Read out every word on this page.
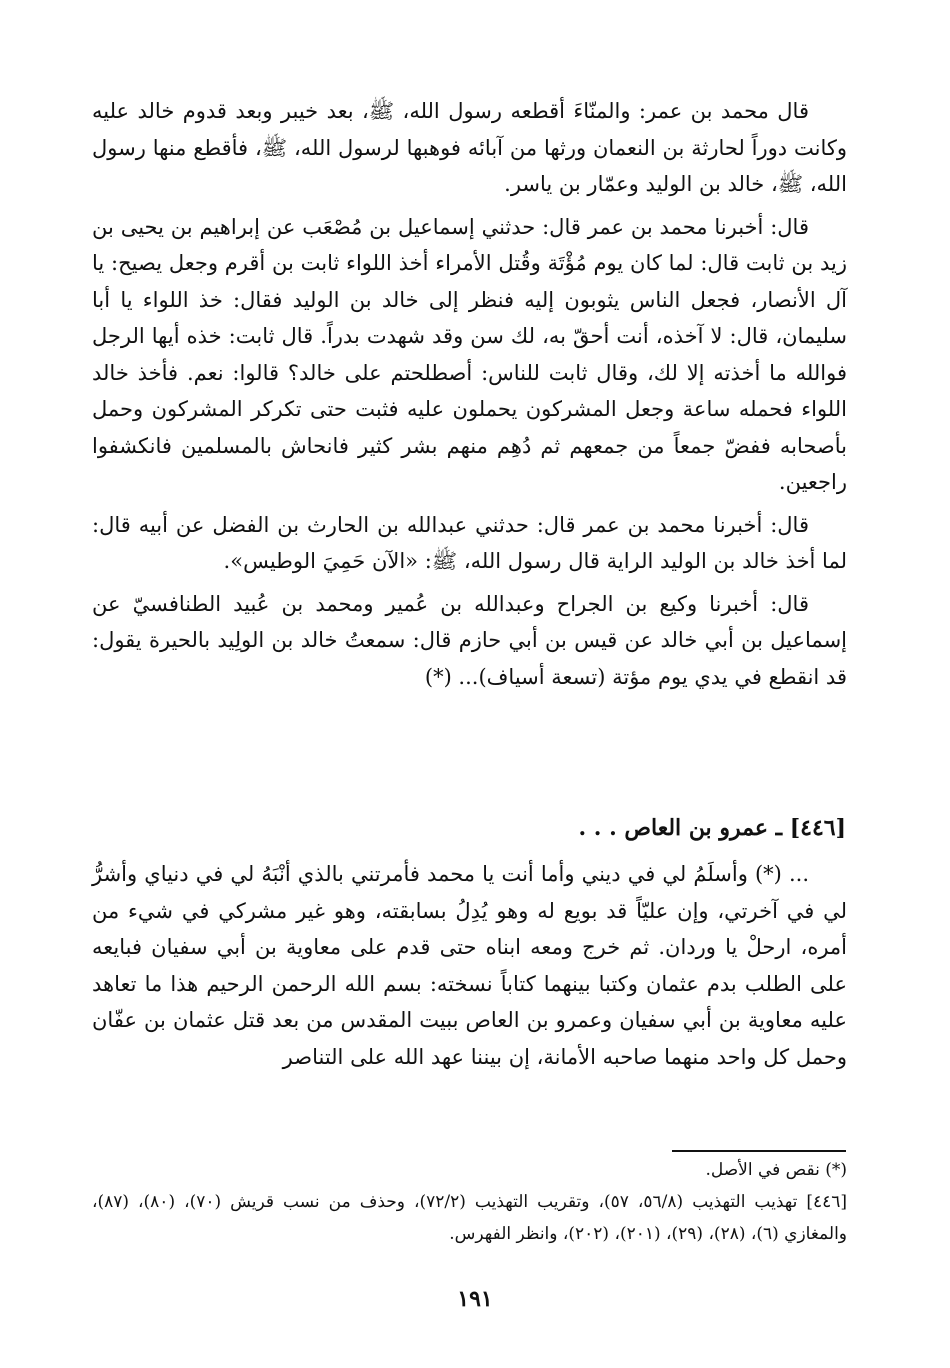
قال محمد بن عمر: والمنّاءَ أقطعه رسول الله، ﷺ، بعد خيبر وبعد قدوم خالد عليه وكانت دوراً لحارثة بن النعمان ورثها من آبائه فوهبها لرسول الله، ﷺ، فأقطع منها رسول الله، ﷺ، خالد بن الوليد وعمّار بن ياسر.

قال: أخبرنا محمد بن عمر قال: حدثني إسماعيل بن مُصْعَب عن إبراهيم بن يحيى بن زيد بن ثابت قال: لما كان يوم مُؤْتَة وقُتل الأمراء أخذ اللواء ثابت بن أقرم وجعل يصيح: يا آل الأنصار، فجعل الناس يثوبون إليه فنظر إلى خالد بن الوليد فقال: خذ اللواء يا أبا سليمان، قال: لا آخذه، أنت أحقّ به، لك سن وقد شهدت بدراً. قال ثابت: خذه أيها الرجل فوالله ما أخذته إلا لك، وقال ثابت للناس: أصطلحتم على خالد؟ قالوا: نعم. فأخذ خالد اللواء فحمله ساعة وجعل المشركون يحملون عليه فثبت حتى تكركر المشركون وحمل بأصحابه ففضّ جمعاً من جمعهم ثم دُهِم منهم بشر كثير فانحاش بالمسلمين فانكشفوا راجعين.

قال: أخبرنا محمد بن عمر قال: حدثني عبدالله بن الحارث بن الفضل عن أبيه قال: لما أخذ خالد بن الوليد الراية قال رسول الله، ﷺ: «الآن حَمِيَ الوطيس».

قال: أخبرنا وكيع بن الجراح وعبدالله بن عُمير ومحمد بن عُبيد الطنافسيّ عن إسماعيل بن أبي خالد عن قيس بن أبي حازم قال: سمعتُ خالد بن الولِيد بالحيرة يقول: قد انقطع في يدي يوم مؤتة (تسعة أسياف)... (*)

[٤٤٦] ـ عمرو بن العاص . . .

... (*) وأسلَمُ لي في ديني وأما أنت يا محمد فأمرتني بالذي أنْبَهُ لي في دنياي وأشرُّ لي في آخرتي، وإن عليّاً قد بويع له وهو يُدِلُ بسابقته، وهو غير مشركي في شيء من أمره، ارحلْ يا وردان. ثم خرج ومعه ابناه حتى قدم على معاوية بن أبي سفيان فبايعه على الطلب بدم عثمان وكتبا بينهما كتاباً نسخته: بسم الله الرحمن الرحيم هذا ما تعاهد عليه معاوية بن أبي سفيان وعمرو بن العاص ببيت المقدس من بعد قتل عثمان بن عفّان وحمل كل واحد منهما صاحبه الأمانة، إن بيننا عهد الله على التناصر

(*) نقص في الأصل.

[٤٤٦] تهذيب التهذيب (٥٦/٨، ٥٧)، وتقريب التهذيب (٧٢/٢)، وحذف من نسب قريش (٧٠)، (٨٠)، (٨٧)، والمغازي (٦)، (٢٨)، (٢٩)، (٢٠١)، (٢٠٢)، وانظر الفهرس.

١٩١
